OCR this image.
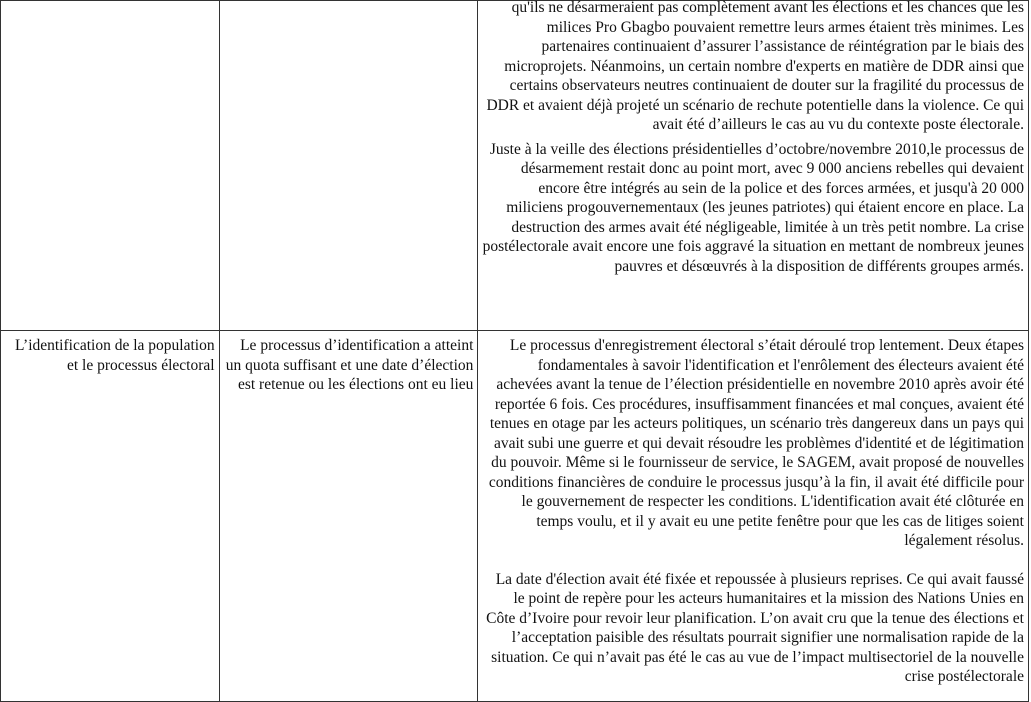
		qu'ils ne désarmeraient pas complètement avant les élections et les chances que les milices Pro Gbagbo pouvaient remettre leurs armes étaient très minimes. Les partenaires continuaient d’assurer l’assistance de réintégration par le biais des microprojets. Néanmoins, un certain nombre d'experts en matière de DDR ainsi que certains observateurs neutres continuaient de douter sur la fragilité du processus de DDR et avaient déjà projeté un scénario de rechute potentielle dans la violence. Ce qui avait été d’ailleurs le cas au vu du contexte poste électorale.

Juste à la veille des élections présidentielles d’octobre/novembre 2010,le processus de désarmement restait donc au point mort, avec 9 000 anciens rebelles qui devaient encore être intégrés au sein de la police et des forces armées, et jusqu'à 20 000 miliciens progouvernementaux (les jeunes patriotes) qui étaient encore en place. La destruction des armes avait été négligeable, limitée à un très petit nombre. La crise postélectorale avait encore une fois aggravé la situation en mettant de nombreux jeunes pauvres et désœuvrés à la disposition de différents groupes armés.

L’identification de la population et le processus électoral	Le processus d’identification a atteint un quota suffisant et une date d’élection est retenue ou les élections ont eu lieu	Le processus d'enregistrement électoral s’était déroulé trop lentement. Deux étapes fondamentales à savoir l'identification et l'enrôlement des électeurs avaient été achevées avant la tenue de l’élection présidentielle en novembre 2010 après avoir été reportée 6 fois. Ces procédures, insuffisamment financées et mal conçues, avaient été tenues en otage par les acteurs politiques, un scénario très dangereux dans un pays qui avait subi une guerre et qui devait résoudre les problèmes d'identité et de légitimation du pouvoir. Même si le fournisseur de service, le SAGEM, avait proposé de nouvelles conditions financières de conduire le processus jusqu’à la fin, il avait été difficile pour le gouvernement de respecter les conditions. L'identification avait été clôturée en temps voulu, et il y avait eu une petite fenêtre pour que les cas de litiges soient légalement résolus.

La date d'élection avait été fixée et repoussée à plusieurs reprises. Ce qui avait faussé le point de repère pour les acteurs humanitaires et la mission des Nations Unies en Côte d’Ivoire pour revoir leur planification. L’on avait cru que la tenue des élections et l’acceptation paisible des résultats pourrait signifier une normalisation rapide de la situation. Ce qui n’avait pas été le cas au vue de l’impact multisectoriel de la nouvelle crise postélectorale
